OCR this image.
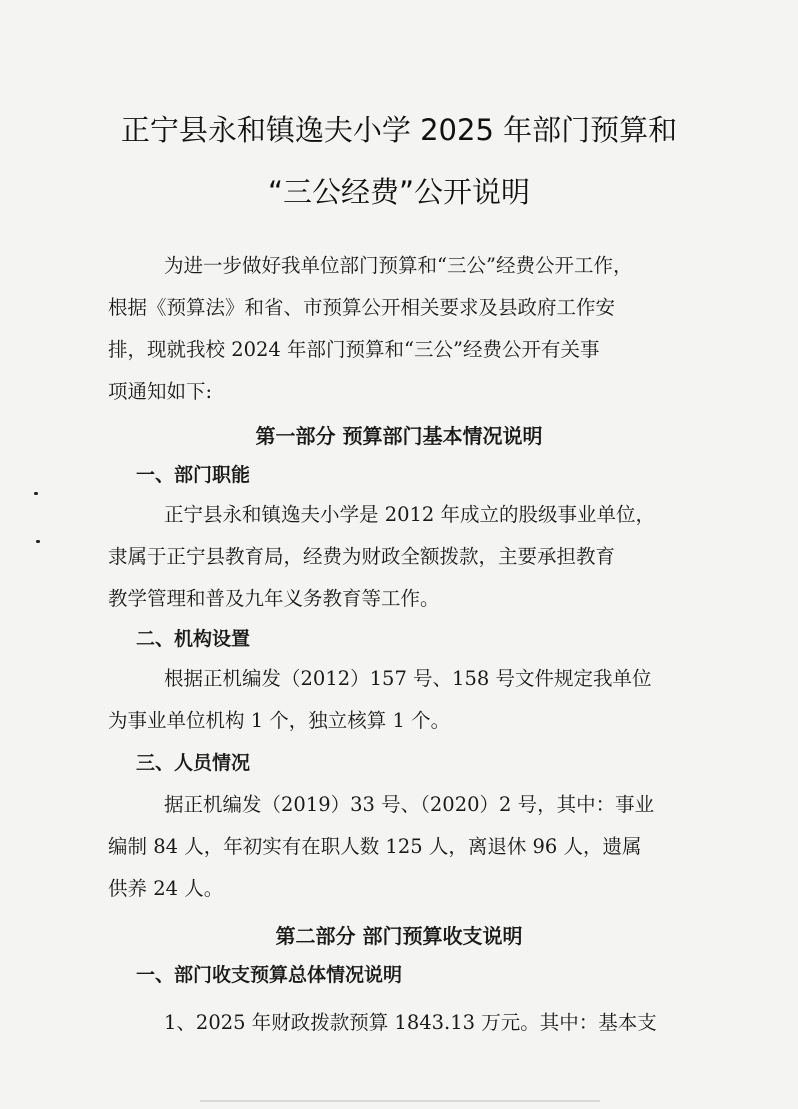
正宁县永和镇逸夫小学 2025 年部门预算和
“三公经费”公开说明
为进一步做好我单位部门预算和“三公”经费公开工作，
根据《预算法》和省、市预算公开相关要求及县政府工作安
排，现就我校 2024 年部门预算和“三公”经费公开有关事
项通知如下:
第一部分 预算部门基本情况说明
一、部门职能
正宁县永和镇逸夫小学是 2012 年成立的股级事业单位，
隶属于正宁县教育局，经费为财政全额拨款，主要承担教育
教学管理和普及九年义务教育等工作。
二、机构设置
根据正机编发（2012）157 号、158 号文件规定我单位
为事业单位机构 1 个，独立核算 1 个。
三、人员情况
据正机编发（2019）33 号、（2020）2 号，其中：事业
编制 84 人，年初实有在职人数 125 人，离退休 96 人，遗属
供养 24 人。
第二部分 部门预算收支说明
一、部门收支预算总体情况说明
1、2025 年财政拨款预算 1843.13 万元。其中：基本支
